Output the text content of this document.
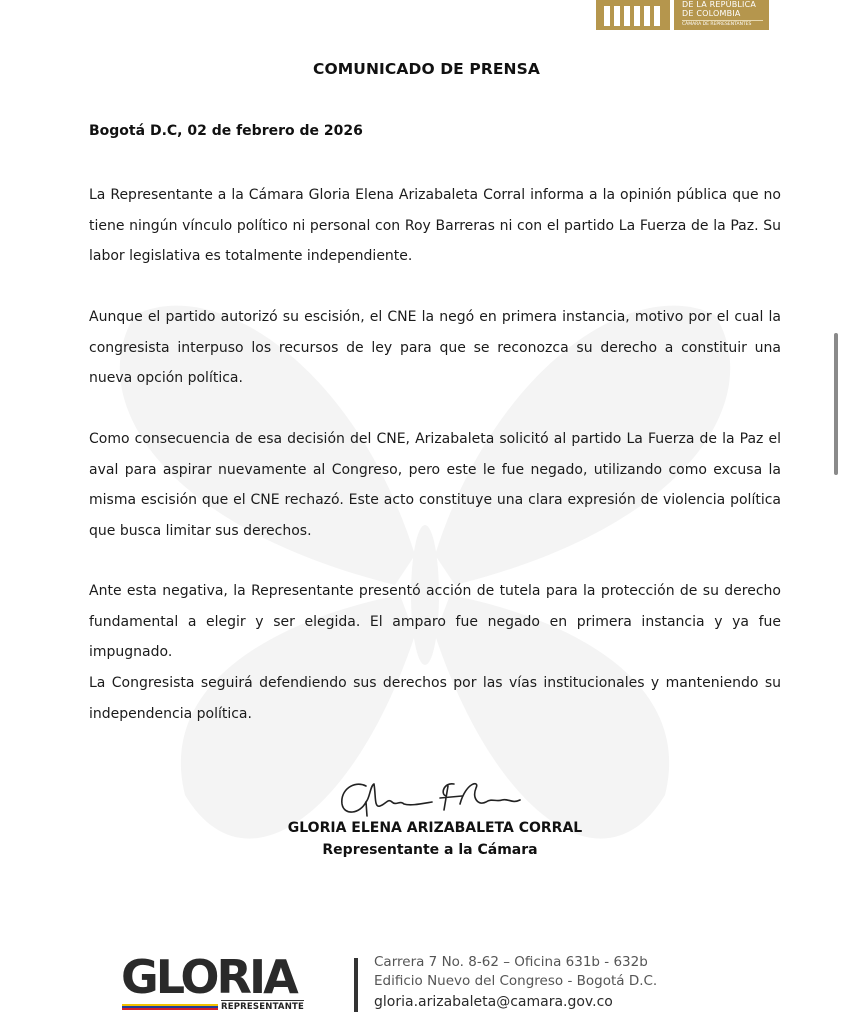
DE LA REPÚBLICA
DE COLOMBIA
CÁMARA DE REPRESENTANTES
COMUNICADO DE PRENSA
Bogotá D.C, 02 de febrero de 2026

La Representante a la Cámara Gloria Elena Arizabaleta Corral informa a la opinión pública que no tiene ningún vínculo político ni personal con Roy Barreras ni con el partido La Fuerza de la Paz. Su labor legislativa es totalmente independiente.

Aunque el partido autorizó su escisión, el CNE la negó en primera instancia, motivo por el cual la congresista interpuso los recursos de ley para que se reconozca su derecho a constituir una nueva opción política.

Como consecuencia de esa decisión del CNE, Arizabaleta solicitó al partido La Fuerza de la Paz el aval para aspirar nuevamente al Congreso, pero este le fue negado, utilizando como excusa la misma escisión que el CNE rechazó. Este acto constituye una clara expresión de violencia política que busca limitar sus derechos.

Ante esta negativa, la Representante presentó acción de tutela para la protección de su derecho fundamental a elegir y ser elegida. El amparo fue negado en primera instancia y ya fue impugnado.

La Congresista seguirá defendiendo sus derechos por las vías institucionales y manteniendo su independencia política.

GLORIA ELENA ARIZABALETA CORRAL
Representante a la Cámara
GLORIA
REPRESENTANTE
Carrera 7 No. 8-62 – Oficina 631b - 632b
Edificio Nuevo del Congreso - Bogotá D.C.
gloria.arizabaleta@camara.gov.co
